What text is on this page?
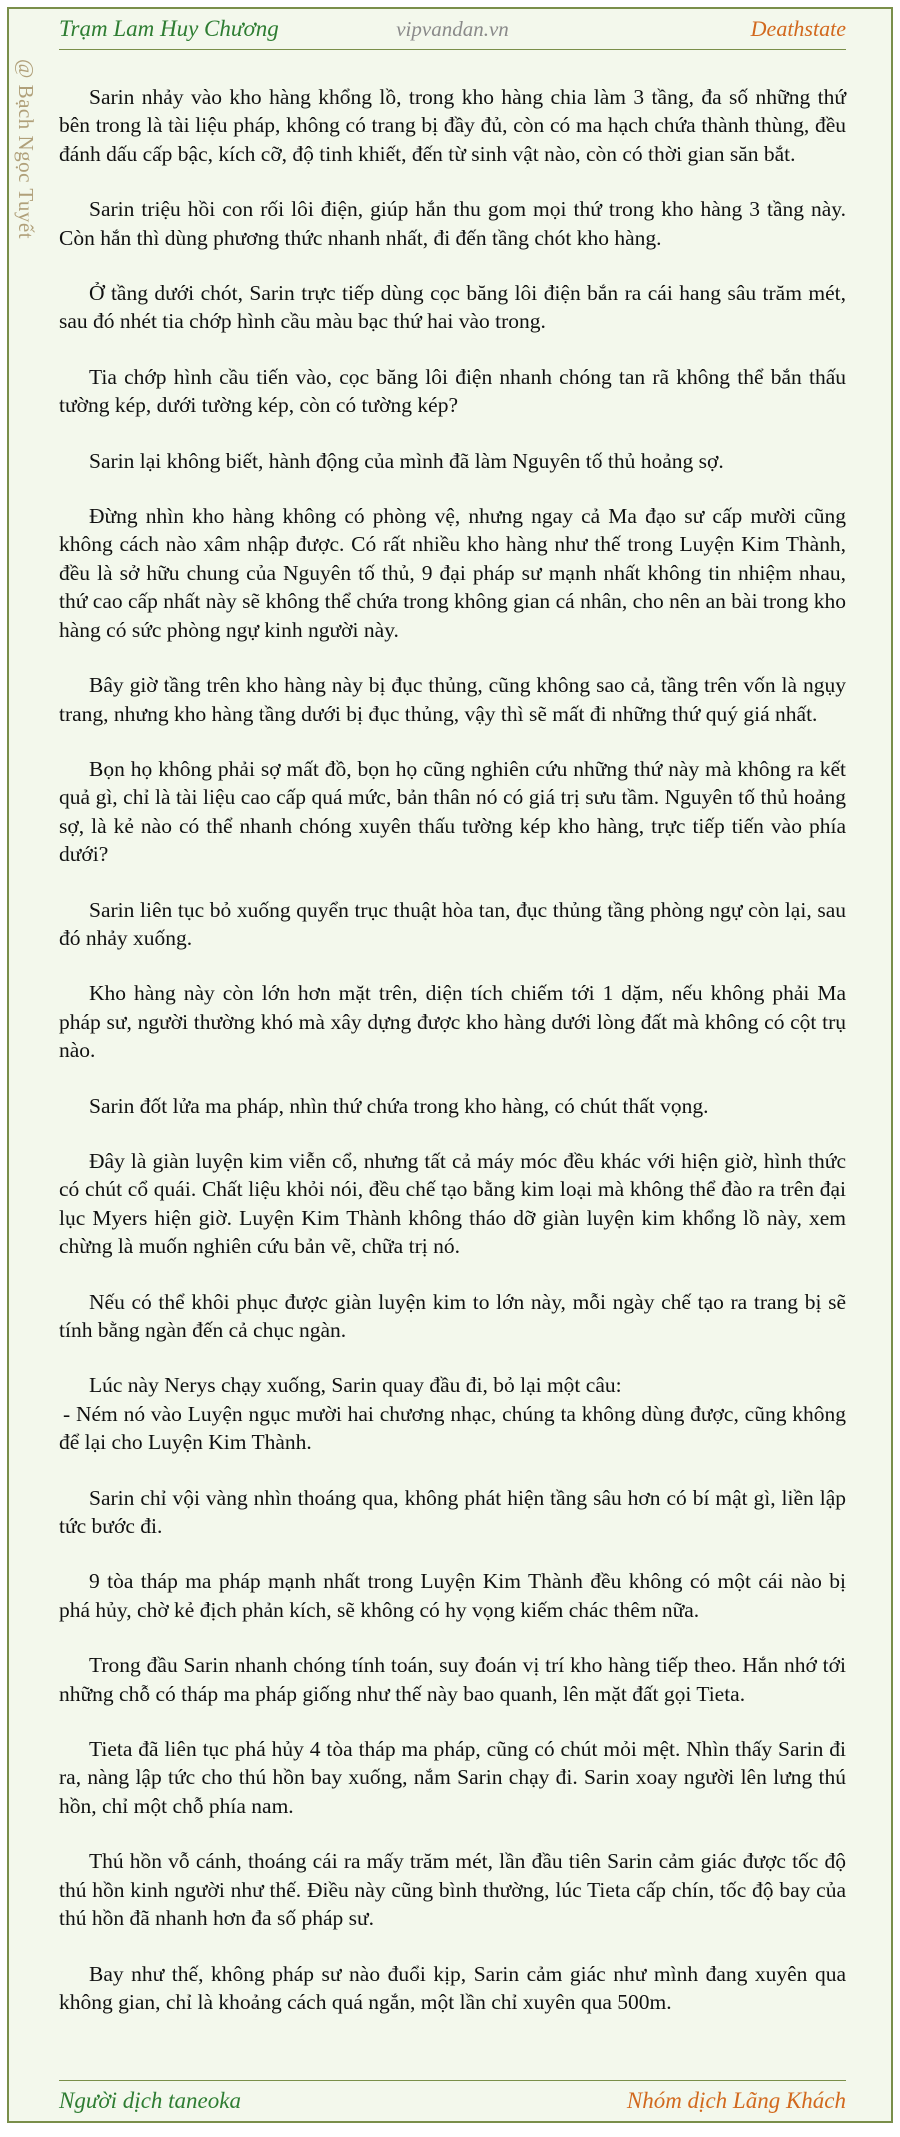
Trạm Lam Huy Chương	vipvandan.vn	Deathstate
@ Bạch Ngọc Tuyết	Sarin nhảy vào kho hàng khổng lồ, trong kho hàng chia làm 3 tầng, đa số những thứ bên trong là tài liệu pháp, không có trang bị đầy đủ, còn có ma hạch chứa thành thùng, đều đánh dấu cấp bậc, kích cỡ, độ tinh khiết, đến từ sinh vật nào, còn có thời gian săn bắt.

Sarin triệu hồi con rối lôi điện, giúp hắn thu gom mọi thứ trong kho hàng 3 tầng này. Còn hắn thì dùng phương thức nhanh nhất, đi đến tầng chót kho hàng.

Ở tầng dưới chót, Sarin trực tiếp dùng cọc băng lôi điện bắn ra cái hang sâu trăm mét, sau đó nhét tia chớp hình cầu màu bạc thứ hai vào trong.

Tia chớp hình cầu tiến vào, cọc băng lôi điện nhanh chóng tan rã không thể bắn thấu tường kép, dưới tường kép, còn có tường kép?

Sarin lại không biết, hành động của mình đã làm Nguyên tố thủ hoảng sợ.

Đừng nhìn kho hàng không có phòng vệ, nhưng ngay cả Ma đạo sư cấp mười cũng không cách nào xâm nhập được. Có rất nhiều kho hàng như thế trong Luyện Kim Thành, đều là sở hữu chung của Nguyên tố thủ, 9 đại pháp sư mạnh nhất không tin nhiệm nhau, thứ cao cấp nhất này sẽ không thể chứa trong không gian cá nhân, cho nên an bài trong kho hàng có sức phòng ngự kinh người này.

Bây giờ tầng trên kho hàng này bị đục thủng, cũng không sao cả, tầng trên vốn là ngụy trang, nhưng kho hàng tầng dưới bị đục thủng, vậy thì sẽ mất đi những thứ quý giá nhất.

Bọn họ không phải sợ mất đồ, bọn họ cũng nghiên cứu những thứ này mà không ra kết quả gì, chỉ là tài liệu cao cấp quá mức, bản thân nó có giá trị sưu tầm. Nguyên tố thủ hoảng sợ, là kẻ nào có thể nhanh chóng xuyên thấu tường kép kho hàng, trực tiếp tiến vào phía dưới?

Sarin liên tục bỏ xuống quyển trục thuật hòa tan, đục thủng tầng phòng ngự còn lại, sau đó nhảy xuống.

Kho hàng này còn lớn hơn mặt trên, diện tích chiếm tới 1 dặm, nếu không phải Ma pháp sư, người thường khó mà xây dựng được kho hàng dưới lòng đất mà không có cột trụ nào.

Sarin đốt lửa ma pháp, nhìn thứ chứa trong kho hàng, có chút thất vọng.

Đây là giàn luyện kim viễn cổ, nhưng tất cả máy móc đều khác với hiện giờ, hình thức có chút cổ quái. Chất liệu khỏi nói, đều chế tạo bằng kim loại mà không thể đào ra trên đại lục Myers hiện giờ. Luyện Kim Thành không tháo dỡ giàn luyện kim khổng lồ này, xem chừng là muốn nghiên cứu bản vẽ, chữa trị nó.

Nếu có thể khôi phục được giàn luyện kim to lớn này, mỗi ngày chế tạo ra trang bị sẽ tính bằng ngàn đến cả chục ngàn.

Lúc này Nerys chạy xuống, Sarin quay đầu đi, bỏ lại một câu:

- Ném nó vào Luyện ngục mười hai chương nhạc, chúng ta không dùng được, cũng không để lại cho Luyện Kim Thành.

Sarin chỉ vội vàng nhìn thoáng qua, không phát hiện tầng sâu hơn có bí mật gì, liền lập tức bước đi.

9 tòa tháp ma pháp mạnh nhất trong Luyện Kim Thành đều không có một cái nào bị phá hủy, chờ kẻ địch phản kích, sẽ không có hy vọng kiếm chác thêm nữa.

Trong đầu Sarin nhanh chóng tính toán, suy đoán vị trí kho hàng tiếp theo. Hắn nhớ tới những chỗ có tháp ma pháp giống như thế này bao quanh, lên mặt đất gọi Tieta.

Tieta đã liên tục phá hủy 4 tòa tháp ma pháp, cũng có chút mỏi mệt. Nhìn thấy Sarin đi ra, nàng lập tức cho thú hồn bay xuống, nắm Sarin chạy đi. Sarin xoay người lên lưng thú hồn, chỉ một chỗ phía nam.

Thú hồn vỗ cánh, thoáng cái ra mấy trăm mét, lần đầu tiên Sarin cảm giác được tốc độ thú hồn kinh người như thế. Điều này cũng bình thường, lúc Tieta cấp chín, tốc độ bay của thú hồn đã nhanh hơn đa số pháp sư.

Bay như thế, không pháp sư nào đuổi kịp, Sarin cảm giác như mình đang xuyên qua không gian, chỉ là khoảng cách quá ngắn, một lần chỉ xuyên qua 500m.

Người dịch taneoka	Nhóm dịch Lãng Khách
